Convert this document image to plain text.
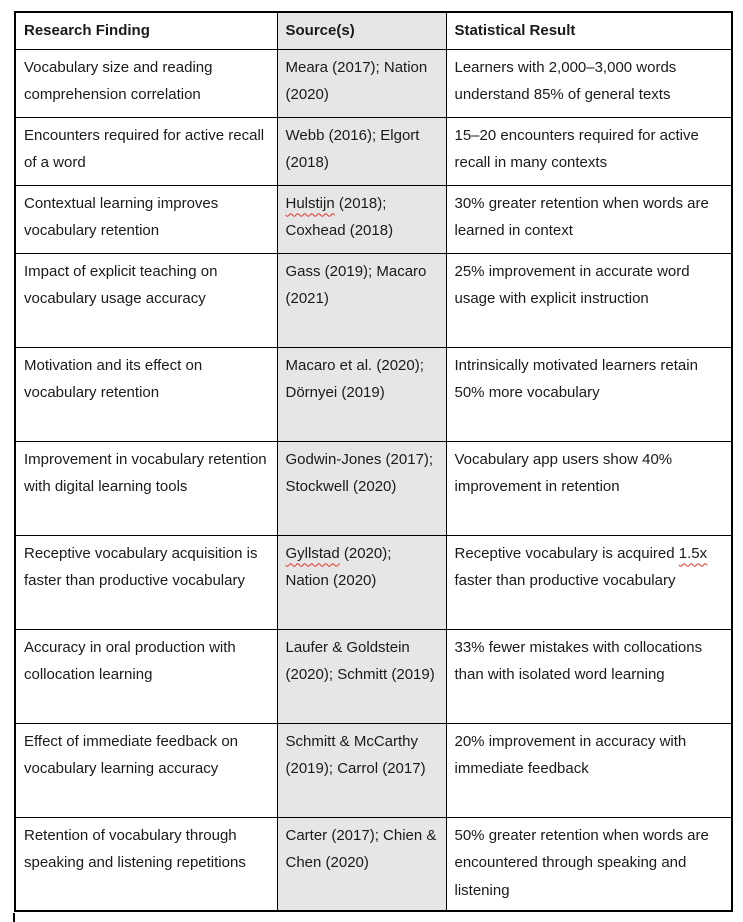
Research Finding	Source(s)	Statistical Result
Vocabulary size and reading comprehension correlation	Meara (2017); Nation (2020)	Learners with 2,000–3,000 words understand 85% of general texts
Encounters required for active recall of a word	Webb (2016); Elgort (2018)	15–20 encounters required for active recall in many contexts
Contextual learning improves vocabulary retention	Hulstijn (2018); Coxhead (2018)	30% greater retention when words are learned in context
Impact of explicit teaching on vocabulary usage accuracy	Gass (2019); Macaro (2021)	25% improvement in accurate word usage with explicit instruction
Motivation and its effect on vocabulary retention	Macaro et al. (2020); Dörnyei (2019)	Intrinsically motivated learners retain 50% more vocabulary
Improvement in vocabulary retention with digital learning tools	Godwin-Jones (2017); Stockwell (2020)	Vocabulary app users show 40% improvement in retention
Receptive vocabulary acquisition is faster than productive vocabulary	Gyllstad (2020); Nation (2020)	Receptive vocabulary is acquired 1.5x faster than productive vocabulary
Accuracy in oral production with collocation learning	Laufer & Goldstein (2020); Schmitt (2019)	33% fewer mistakes with collocations than with isolated word learning
Effect of immediate feedback on vocabulary learning accuracy	Schmitt & McCarthy (2019); Carrol (2017)	20% improvement in accuracy with immediate feedback
Retention of vocabulary through speaking and listening repetitions	Carter (2017); Chien & Chen (2020)	50% greater retention when words are encountered through speaking and listening
